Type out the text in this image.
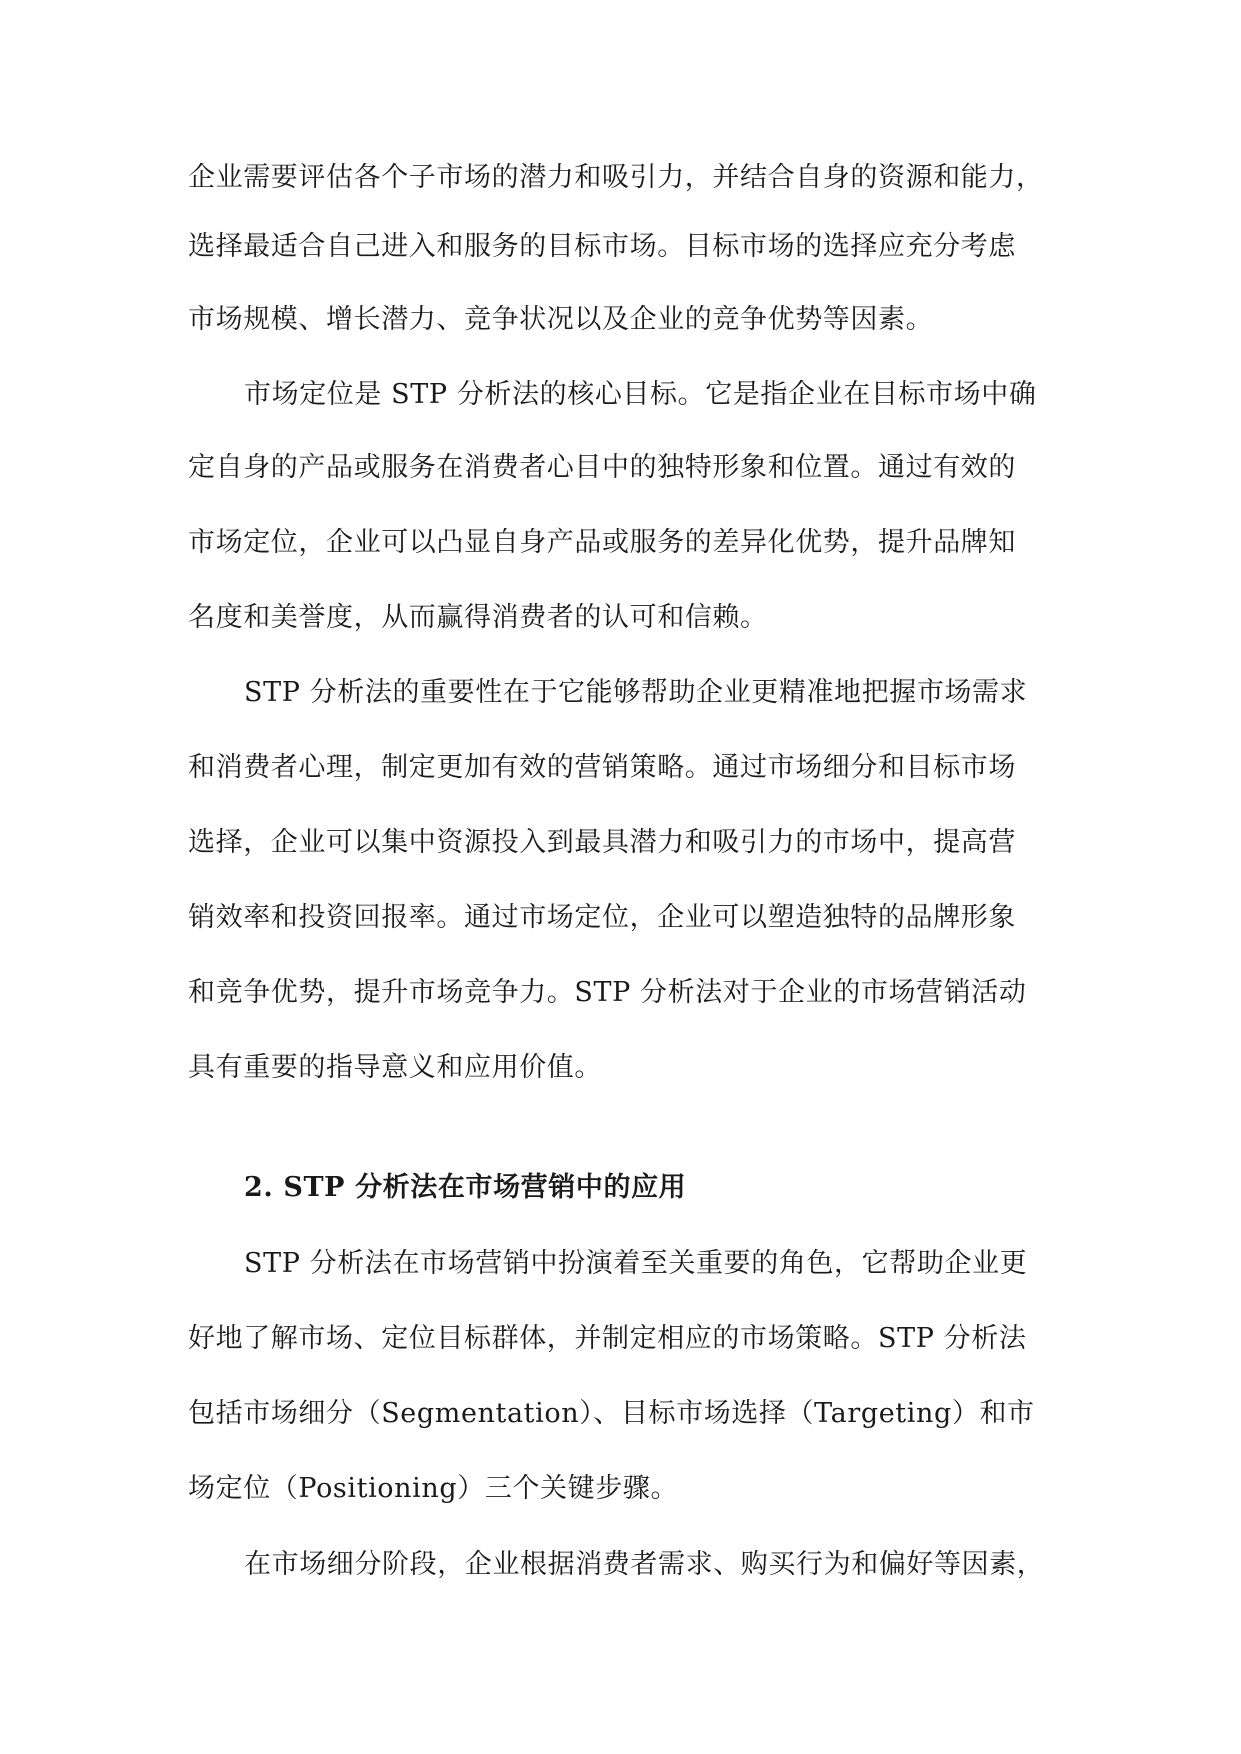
企业需要评估各个子市场的潜力和吸引力，并结合自身的资源和能力，
选择最适合自己进入和服务的目标市场。目标市场的选择应充分考虑
市场规模、增长潜力、竞争状况以及企业的竞争优势等因素。
市场定位是 STP 分析法的核心目标。它是指企业在目标市场中确
定自身的产品或服务在消费者心目中的独特形象和位置。通过有效的
市场定位，企业可以凸显自身产品或服务的差异化优势，提升品牌知
名度和美誉度，从而赢得消费者的认可和信赖。
STP 分析法的重要性在于它能够帮助企业更精准地把握市场需求
和消费者心理，制定更加有效的营销策略。通过市场细分和目标市场
选择，企业可以集中资源投入到最具潜力和吸引力的市场中，提高营
销效率和投资回报率。通过市场定位，企业可以塑造独特的品牌形象
和竞争优势，提升市场竞争力。STP 分析法对于企业的市场营销活动
具有重要的指导意义和应用价值。
2. STP 分析法在市场营销中的应用
STP 分析法在市场营销中扮演着至关重要的角色，它帮助企业更
好地了解市场、定位目标群体，并制定相应的市场策略。STP 分析法
包括市场细分（Segmentation）、目标市场选择（Targeting）和市
场定位（Positioning）三个关键步骤。
在市场细分阶段，企业根据消费者需求、购买行为和偏好等因素，
